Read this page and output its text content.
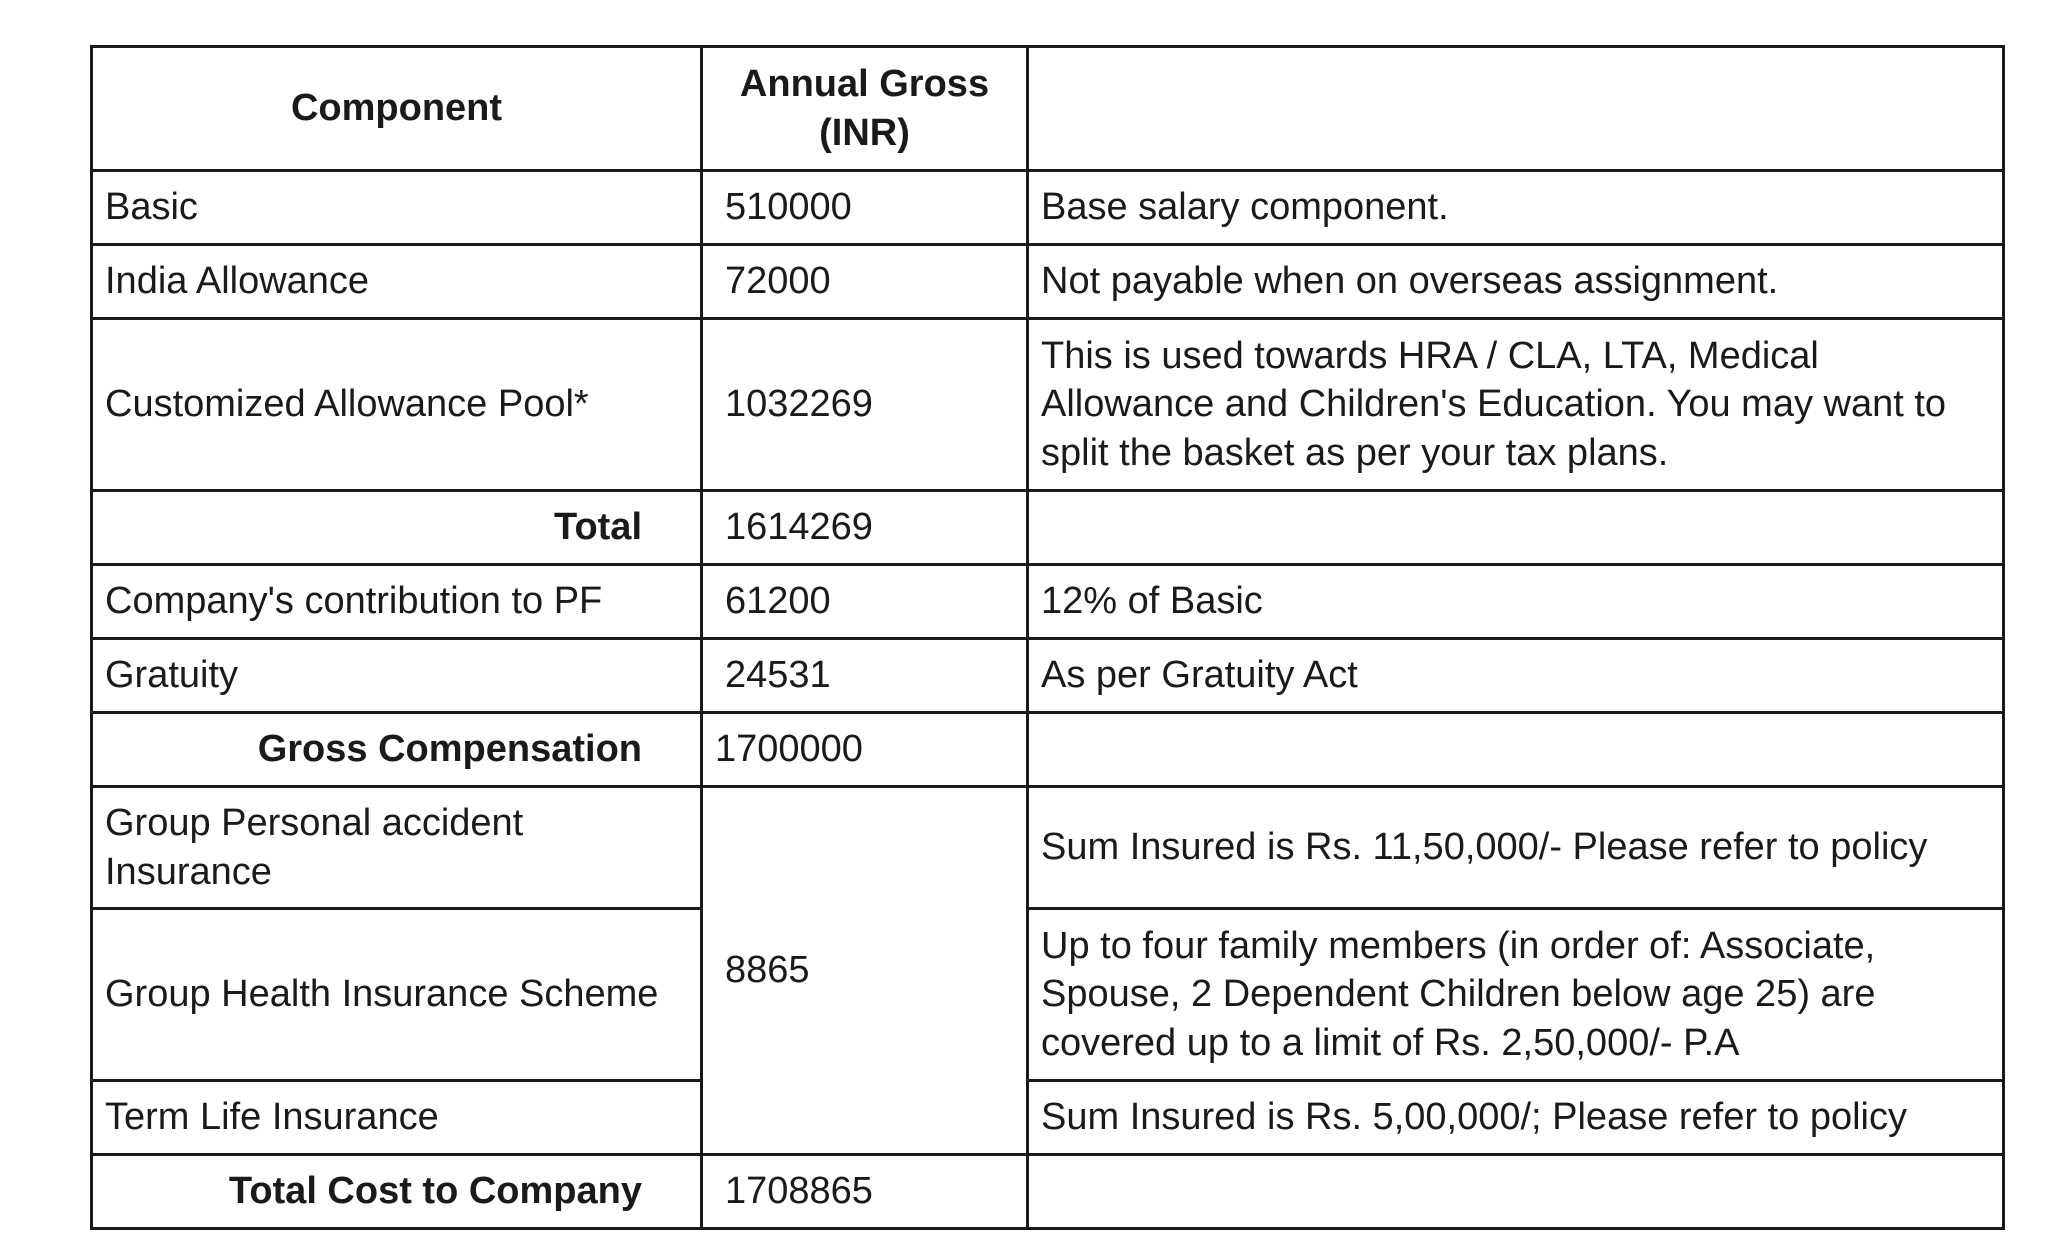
Component	Annual Gross (INR)	
Basic	510000	Base salary component.
India Allowance	72000	Not payable when on overseas assignment.
Customized Allowance Pool*	1032269	This is used towards HRA / CLA, LTA, Medical Allowance and Children's Education. You may want to split the basket as per your tax plans.
Total	1614269	
Company's contribution to PF	61200	12% of Basic
Gratuity	24531	As per Gratuity Act
Gross Compensation	1700000	
Group Personal accident Insurance	8865	Sum Insured is Rs. 11,50,000/- Please refer to policy
Group Health Insurance Scheme		Up to four family members (in order of: Associate, Spouse, 2 Dependent Children below age 25) are covered up to a limit of Rs. 2,50,000/- P.A
Term Life Insurance		Sum Insured is Rs. 5,00,000/; Please refer to policy
Total Cost to Company	1708865	
